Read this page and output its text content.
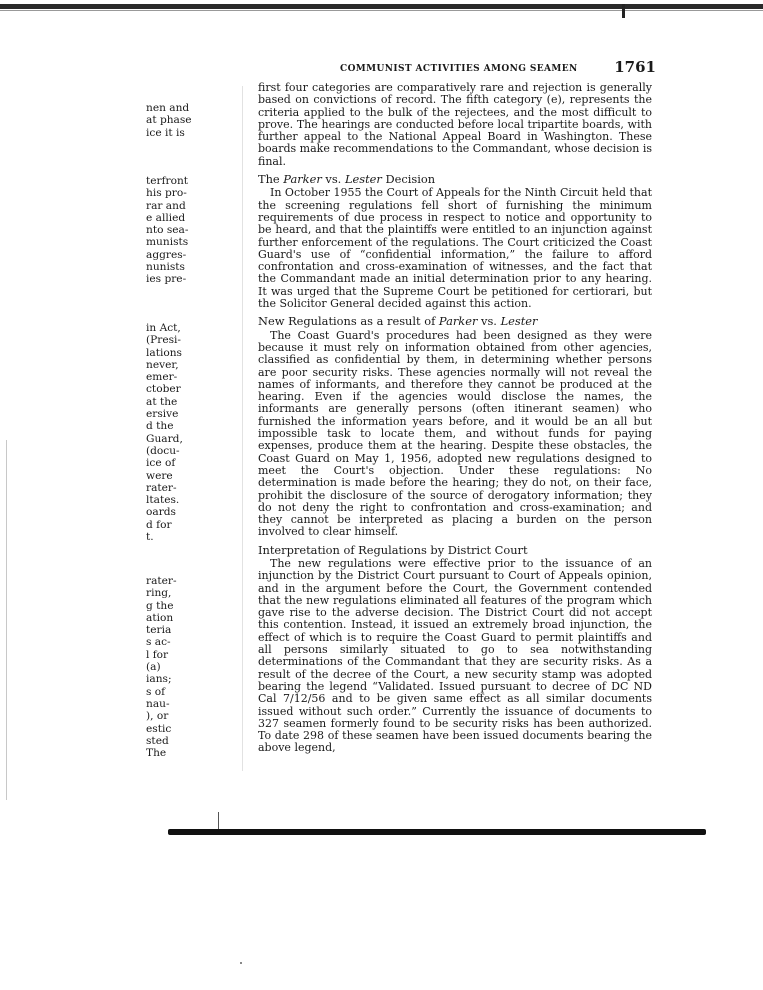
COMMUNIST ACTIVITIES AMONG SEAMEN 1761
nen and
at phase
ice it is
terfront
his pro-
rar and
e allied
nto sea-
munists
aggres-
nunists
ies pre-
in Act,
(Presi-
lations
never,
emer-
ctober
at the
ersive
d the
Guard,
(docu-
ice of
were
rater-
ltates.
oards
d for
t.
rater-
ring,
g the
ation
teria
s ac-
l for
(a)
ians;
s of
nau-
), or
estic
sted
The

first four categories are comparatively rare and rejection is generally based on convictions of record. The fifth category (e), represents the criteria applied to the bulk of the rejectees, and the most difficult to prove. The hearings are conducted before local tripartite boards, with further appeal to the National Appeal Board in Washington. These boards make recommendations to the Commandant, whose decision is final.

The Parker vs. Lester Decision

In October 1955 the Court of Appeals for the Ninth Circuit held that the screening regulations fell short of furnishing the minimum requirements of due process in respect to notice and opportunity to be heard, and that the plaintiffs were entitled to an injunction against further enforcement of the regulations. The Court criticized the Coast Guard's use of “confidential information,” the failure to afford confrontation and cross-examination of witnesses, and the fact that the Commandant made an initial determination prior to any hearing. It was urged that the Supreme Court be petitioned for certiorari, but the Solicitor General decided against this action.

New Regulations as a result of Parker vs. Lester

The Coast Guard's procedures had been designed as they were because it must rely on information obtained from other agencies, classified as confidential by them, in determining whether persons are poor security risks. These agencies normally will not reveal the names of informants, and therefore they cannot be produced at the hearing. Even if the agencies would disclose the names, the informants are generally persons (often itinerant seamen) who furnished the information years before, and it would be an all but impossible task to locate them, and without funds for paying expenses, produce them at the hearing. Despite these obstacles, the Coast Guard on May 1, 1956, adopted new regulations designed to meet the Court's objection. Under these regulations: No determination is made before the hearing; they do not, on their face, prohibit the disclosure of the source of derogatory information; they do not deny the right to confrontation and cross-examination; and they cannot be interpreted as placing a burden on the person involved to clear himself.

Interpretation of Regulations by District Court

The new regulations were effective prior to the issuance of an injunction by the District Court pursuant to Court of Appeals opinion, and in the argument before the Court, the Government contended that the new regulations eliminated all features of the program which gave rise to the adverse decision. The District Court did not accept this contention. Instead, it issued an extremely broad injunction, the effect of which is to require the Coast Guard to permit plaintiffs and all persons similarly situated to go to sea notwithstanding determinations of the Commandant that they are security risks. As a result of the decree of the Court, a new security stamp was adopted bearing the legend “Validated. Issued pursuant to decree of DC ND Cal 7/12/56 and to be given same effect as all similar documents issued without such order.” Currently the issuance of documents to 327 seamen formerly found to be security risks has been authorized. To date 298 of these seamen have been issued documents bearing the above legend,
